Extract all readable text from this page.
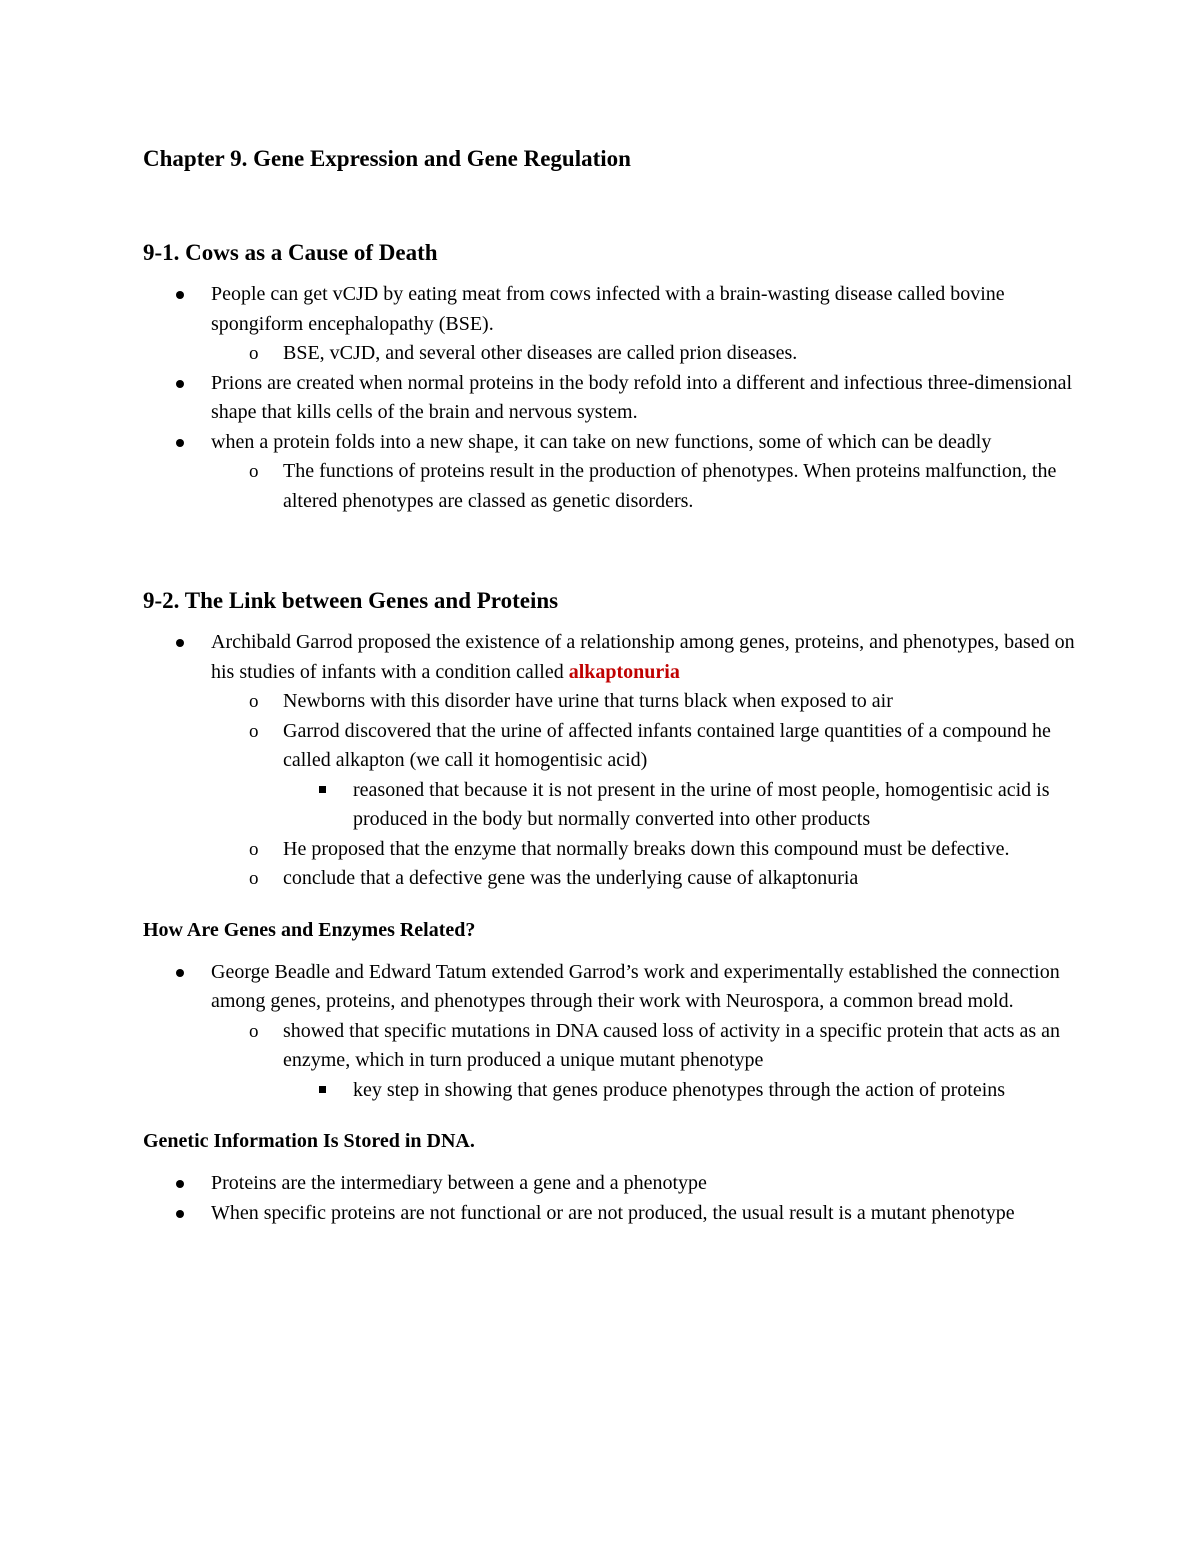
Chapter 9. Gene Expression and Gene Regulation
9-1. Cows as a Cause of Death
People can get vCJD by eating meat from cows infected with a brain-wasting disease called bovine spongiform encephalopathy (BSE).
o BSE, vCJD, and several other diseases are called prion diseases.
Prions are created when normal proteins in the body refold into a different and infectious three-dimensional shape that kills cells of the brain and nervous system.
when a protein folds into a new shape, it can take on new functions, some of which can be deadly
o The functions of proteins result in the production of phenotypes. When proteins malfunction, the altered phenotypes are classed as genetic disorders.
9-2. The Link between Genes and Proteins
Archibald Garrod proposed the existence of a relationship among genes, proteins, and phenotypes, based on his studies of infants with a condition called alkaptonuria
o Newborns with this disorder have urine that turns black when exposed to air
o Garrod discovered that the urine of affected infants contained large quantities of a compound he called alkapton (we call it homogentisic acid)
reasoned that because it is not present in the urine of most people, homogentisic acid is produced in the body but normally converted into other products
o He proposed that the enzyme that normally breaks down this compound must be defective.
o conclude that a defective gene was the underlying cause of alkaptonuria
How Are Genes and Enzymes Related?
George Beadle and Edward Tatum extended Garrod’s work and experimentally established the connection among genes, proteins, and phenotypes through their work with Neurospora, a common bread mold.
o showed that specific mutations in DNA caused loss of activity in a specific protein that acts as an enzyme, which in turn produced a unique mutant phenotype
key step in showing that genes produce phenotypes through the action of proteins
Genetic Information Is Stored in DNA.
Proteins are the intermediary between a gene and a phenotype
When specific proteins are not functional or are not produced, the usual result is a mutant phenotype
